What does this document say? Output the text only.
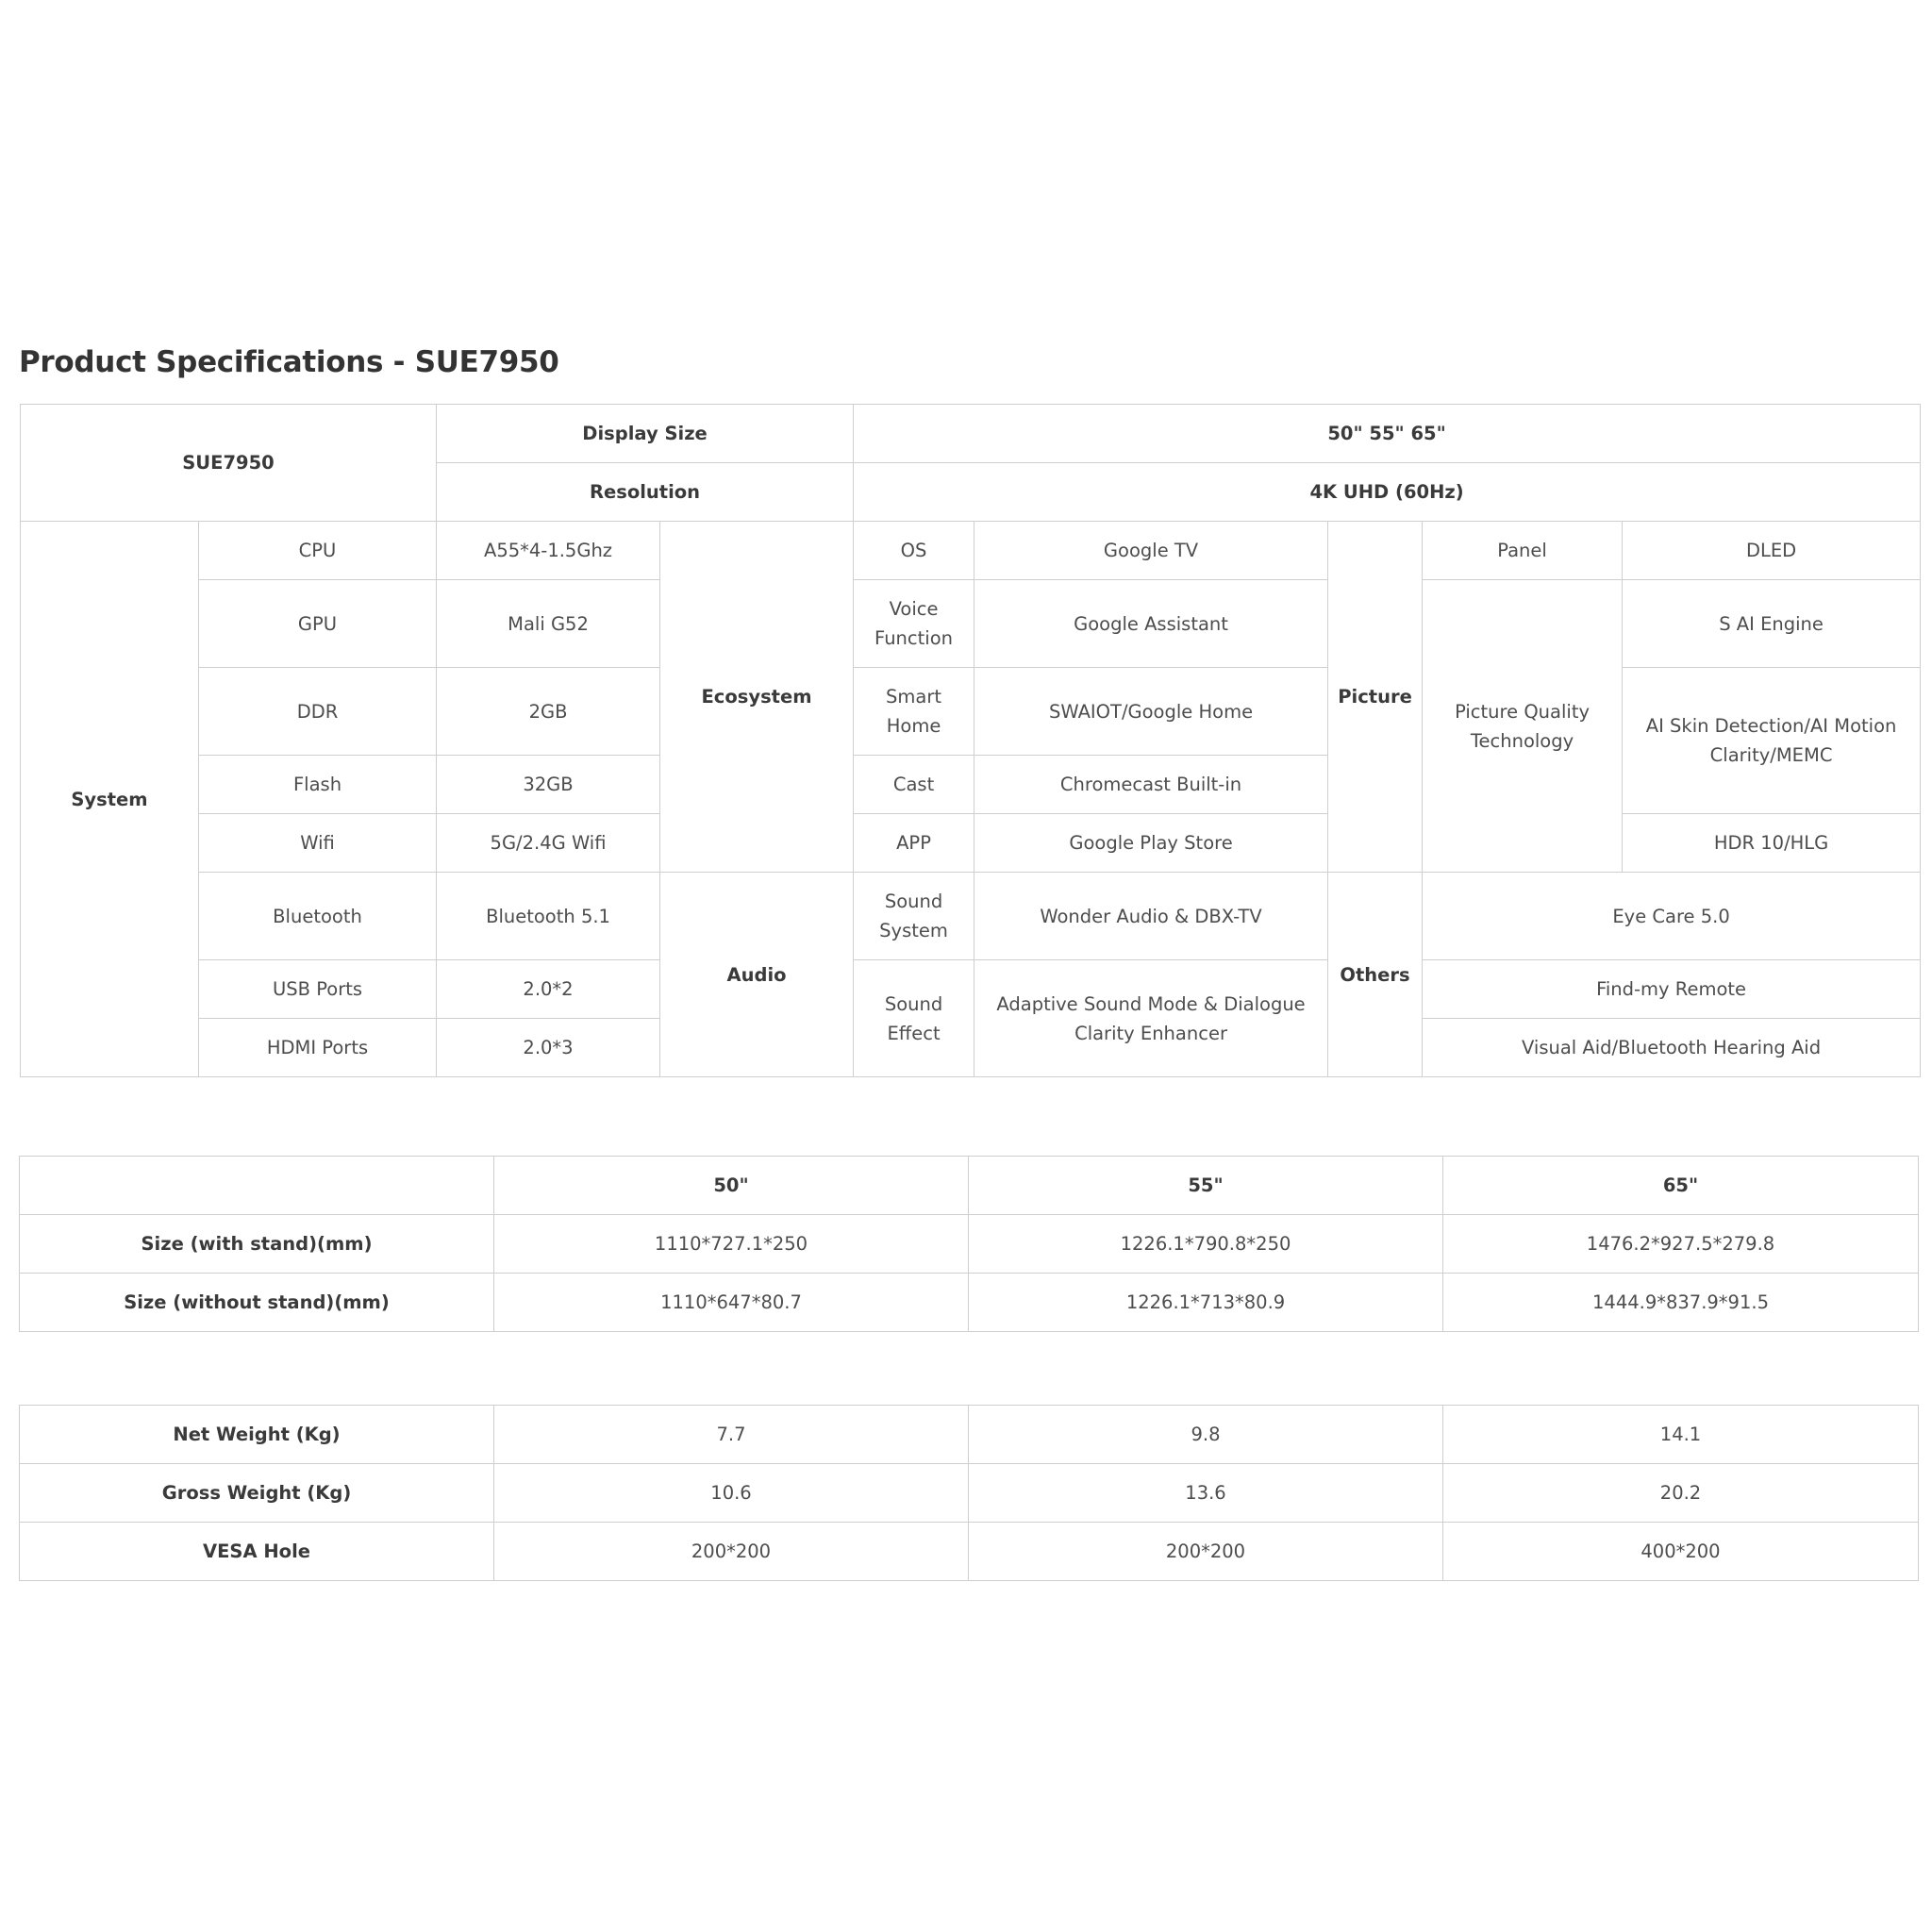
Product Specifications - SUE7950
SUE7950		Display Size		50" 55" 65"				
		Resolution		4K UHD (60Hz)				
System	CPU	A55*4-1.5Ghz	Ecosystem	OS	Google TV	Picture	Panel	DLED
	GPU	Mali G52		Voice Function	Google Assistant		Picture Quality Technology	S AI Engine
	DDR	2GB		Smart Home	SWAIOT/Google Home			AI Skin Detection/AI Motion Clarity/MEMC
	Flash	32GB		Cast	Chromecast Built-in			
	Wifi	5G/2.4G Wifi		APP	Google Play Store			HDR 10/HLG
	Bluetooth	Bluetooth 5.1	Audio	Sound System	Wonder Audio & DBX-TV	Others	Eye Care 5.0	
	USB Ports	2.0*2		Sound Effect	Adaptive Sound Mode & Dialogue Clarity Enhancer		Find-my Remote	
	HDMI Ports	2.0*3					Visual Aid/Bluetooth Hearing Aid	
	50"	55"	65"
Size (with stand)(mm)	1110*727.1*250	1226.1*790.8*250	1476.2*927.5*279.8
Size (without stand)(mm)	1110*647*80.7	1226.1*713*80.9	1444.9*837.9*91.5
Net Weight (Kg)	7.7	9.8	14.1
Gross Weight (Kg)	10.6	13.6	20.2
VESA Hole	200*200	200*200	400*200
